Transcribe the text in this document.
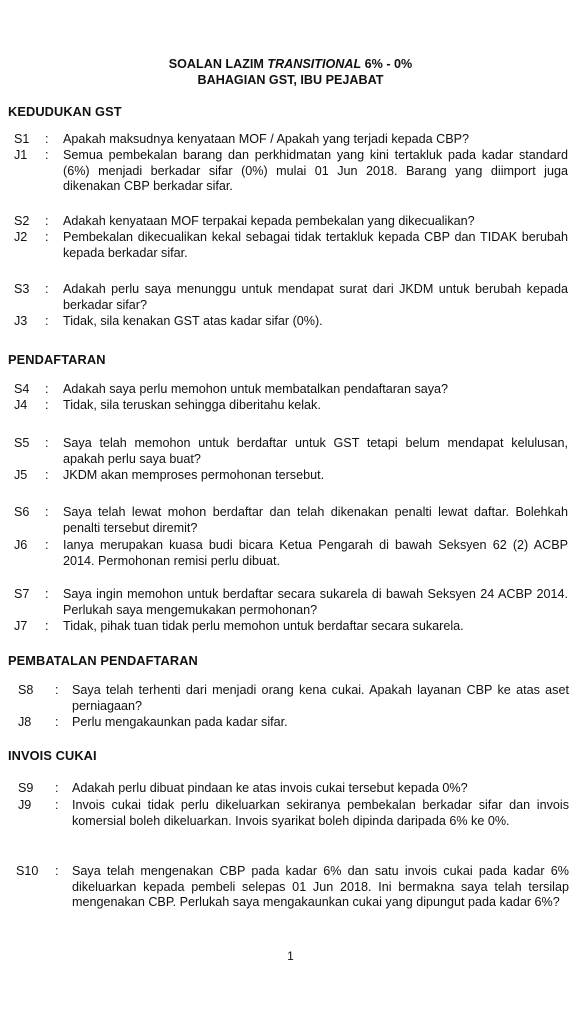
SOALAN LAZIM TRANSITIONAL 6% - 0%
BAHAGIAN GST, IBU PEJABAT
KEDUDUKAN GST
S1	: Apakah maksudnya kenyataan MOF / Apakah yang terjadi kepada CBP?
J1	: Semua pembekalan barang dan perkhidmatan yang kini tertakluk pada kadar standard (6%) menjadi berkadar sifar (0%) mulai 01 Jun 2018. Barang yang diimport juga dikenakan CBP berkadar sifar.
S2	: Adakah kenyataan MOF terpakai kepada pembekalan yang dikecualikan?
J2	: Pembekalan dikecualikan kekal sebagai tidak tertakluk kepada CBP dan TIDAK berubah kepada berkadar sifar.
S3	: Adakah perlu saya menunggu untuk mendapat surat dari JKDM untuk berubah kepada berkadar sifar?
J3	: Tidak, sila kenakan GST atas kadar sifar (0%).
PENDAFTARAN
S4	: Adakah saya perlu memohon untuk membatalkan pendaftaran saya?
J4	: Tidak, sila teruskan sehingga diberitahu kelak.
S5	: Saya telah memohon untuk berdaftar untuk GST tetapi belum mendapat kelulusan, apakah perlu saya buat?
J5	: JKDM akan memproses permohonan tersebut.
S6	: Saya telah lewat mohon berdaftar dan telah dikenakan penalti lewat daftar. Bolehkah penalti tersebut diremit?
J6	: Ianya merupakan kuasa budi bicara Ketua Pengarah di bawah Seksyen 62 (2) ACBP 2014. Permohonan remisi perlu dibuat.
S7	: Saya ingin memohon untuk berdaftar secara sukarela di bawah Seksyen 24 ACBP 2014. Perlukah saya mengemukakan permohonan?
J7	: Tidak, pihak tuan tidak perlu memohon untuk berdaftar secara sukarela.
PEMBATALAN PENDAFTARAN
S8	: Saya telah terhenti dari menjadi orang kena cukai. Apakah layanan CBP ke atas aset perniagaan?
J8	: Perlu mengakaunkan pada kadar sifar.
INVOIS CUKAI
S9	: Adakah perlu dibuat pindaan ke atas invois cukai tersebut kepada 0%?
J9	: Invois cukai tidak perlu dikeluarkan sekiranya pembekalan berkadar sifar dan invois komersial boleh dikeluarkan. Invois syarikat boleh dipinda daripada 6% ke 0%.
S10	: Saya telah mengenakan CBP pada kadar 6% dan satu invois cukai pada kadar 6% dikeluarkan kepada pembeli selepas 01 Jun 2018. Ini bermakna saya telah tersilap mengenakan CBP. Perlukah saya mengakaunkan cukai yang dipungut pada kadar 6%?
1
